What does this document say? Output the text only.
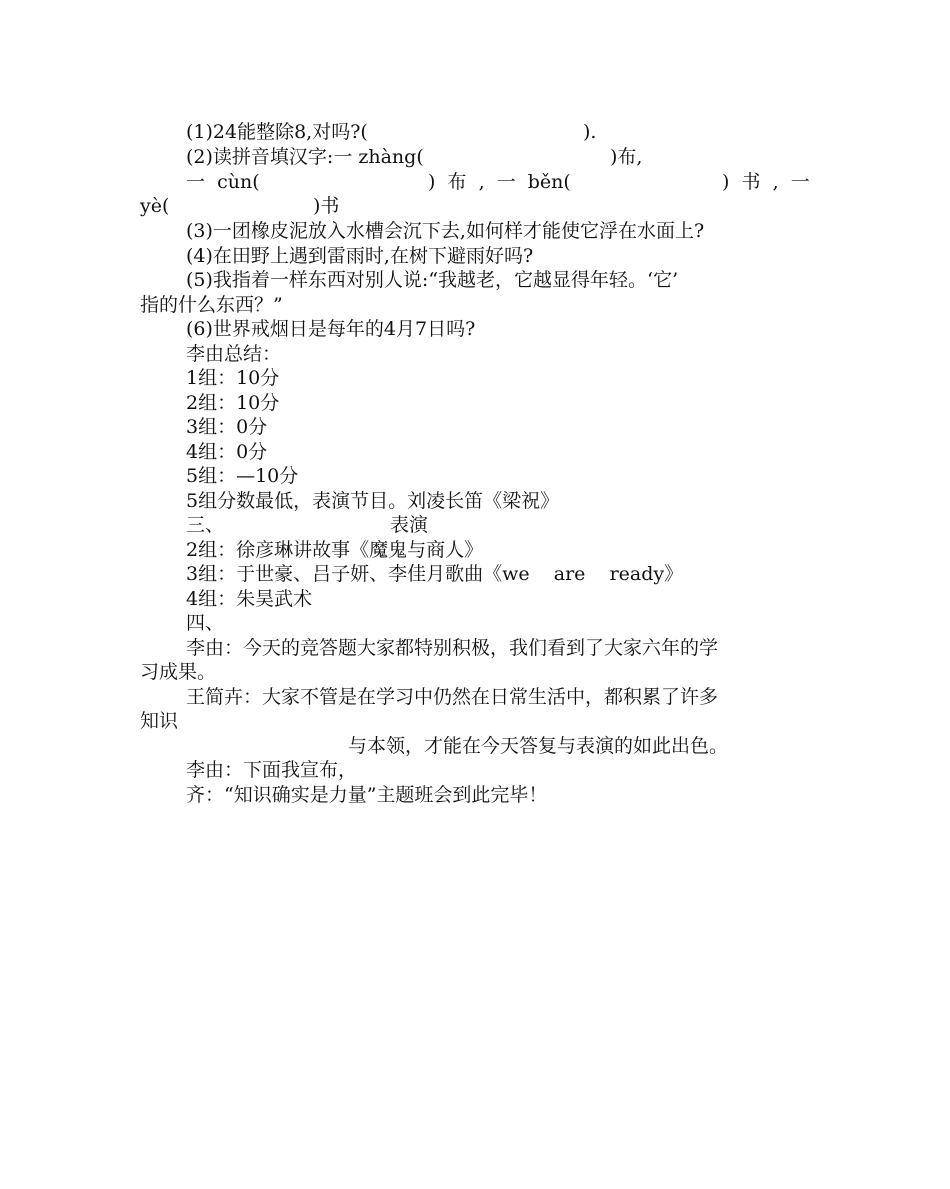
(1)24能整除8,对吗?(

	).

(2)读拼音填汉字:一 zhàng(

	)布,

一  cùn(

	)  布  ,  一  běn(

	)  书  ,  一

yè(

	)书

(3)一团橡皮泥放入水槽会沉下去,如何样才能使它浮在水面上?

(4)在田野上遇到雷雨时,在树下避雨好吗?

(5)我指着一样东西对别人说:“我越老，它越显得年轻。‘它’

指的什么东西？”

(6)世界戒烟日是每年的4月7日吗?

李由总结：

1组：10分

2组：10分

3组：0分

4组：0分

5组：—10分

5组分数最低，表演节目。刘凌长笛《梁祝》

三、

	表演

2组：徐彦琳讲故事《魔鬼与商人》

3组：于世豪、吕子妍、李佳月歌曲《we    are    ready》

4组：朱昊武术

四、

李由：今天的竞答题大家都特别积极，我们看到了大家六年的学

习成果。

王简卉：大家不管是在学习中仍然在日常生活中，都积累了许多

知识

与本领，才能在今天答复与表演的如此出色。

李由：下面我宣布，

齐：“知识确实是力量”主题班会到此完毕！
